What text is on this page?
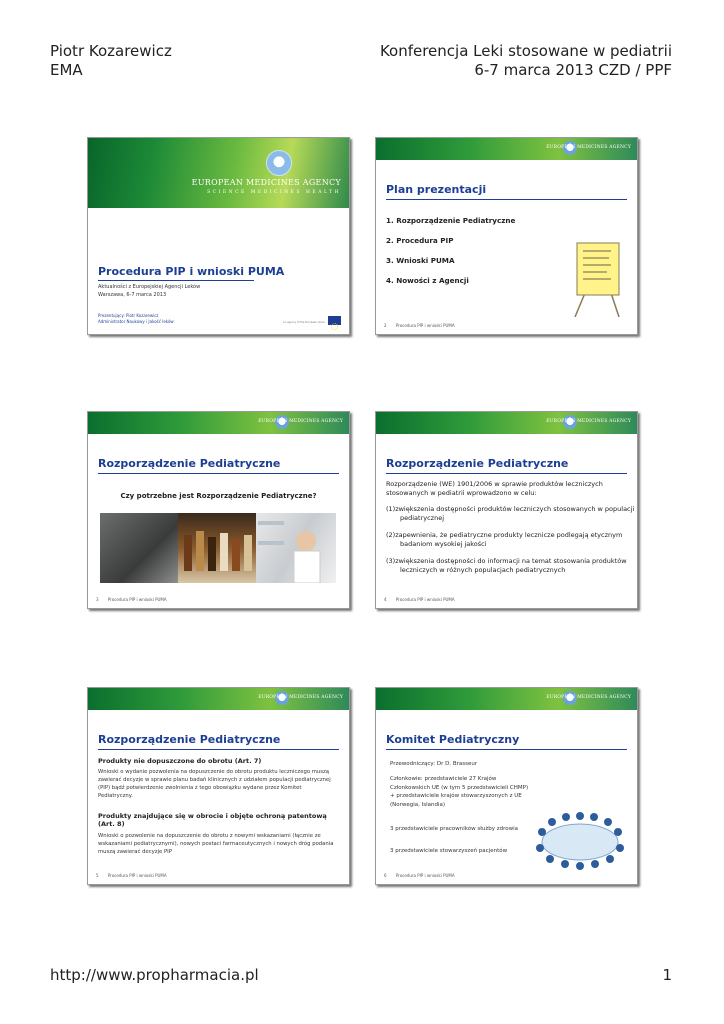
Piotr Kozarewicz
EMA
Konferencja Leki stosowane w pediatrii
6-7 marca 2013 CZD / PPF
EUROPEAN MEDICINES AGENCY
SCIENCE MEDICINES HEALTH
Procedura PIP i wnioski PUMA
Aktualności z Europejskiej Agencji Leków
Warszawa, 6-7 marca 2013
Prezentujący: Piotr Kozarewicz
Administrator Naukowy i Jakość leków	An agency of the European Union
EUROPEAN MEDICINES AGENCY
Plan prezentacji
1. Rozporządzenie Pediatryczne
2. Procedura PIP
3. Wnioski PUMA
4. Nowości z Agencji
2 Procedura PIP i wnioski PUMA
EUROPEAN MEDICINES AGENCY
Rozporządzenie Pediatryczne
Czy potrzebne jest Rozporządzenie Pediatryczne?
3 Procedura PIP i wnioski PUMA
EUROPEAN MEDICINES AGENCY
Rozporządzenie Pediatryczne
Rozporządzenie (WE) 1901/2006 w sprawie produktów leczniczych stosowanych w pediatrii wprowadzono w celu:
(1)zwiększenia dostępności produktów leczniczych stosowanych w populacji pediatrycznej
(2)zapewnienia, że pediatryczne produkty lecznicze podlegają etycznym badaniom wysokiej jakości
(3)zwiększenia dostępności do informacji na temat stosowania produktów leczniczych w różnych populacjach pediatrycznych
4 Procedura PIP i wnioski PUMA
EUROPEAN MEDICINES AGENCY
Rozporządzenie Pediatryczne
Produkty nie dopuszczone do obrotu (Art. 7)
Wnioski o wydanie pozwolenia na dopuszczenie do obrotu produktu leczniczego muszą zawierać decyzje w sprawie planu badań klinicznych z udziałem populacji pediatrycznej (PIP) bądź potwierdzenie zwolnienia z tego obowiązku wydane przez Komitet Pediatryczny.
Produkty znajdujące się w obrocie i objęte ochroną patentową (Art. 8)
Wnioski o pozwolenie na dopuszczenie do obrotu z nowymi wskazaniami (łącznie ze wskazaniami pediatrycznymi), nowych postaci farmaceutycznych i nowych dróg podania muszą zawierać decyzje PIP
5 Procedura PIP i wnioski PUMA
EUROPEAN MEDICINES AGENCY
Komitet Pediatryczny
Przewodniczący: Dr D. Brasseur
Członkowie: przedstawiciele 27 Krajów Członkowskich UE (w tym 5 przedstawicieli CHMP) + przedstawiciele krajów stowarzyszonych z UE (Norwegia, Islandia)
3 przedstawiciele pracowników służby zdrowia
3 przedstawiciele stowarzyszeń pacjentów
6 Procedura PIP i wnioski PUMA
http://www.propharmacia.pl	1
